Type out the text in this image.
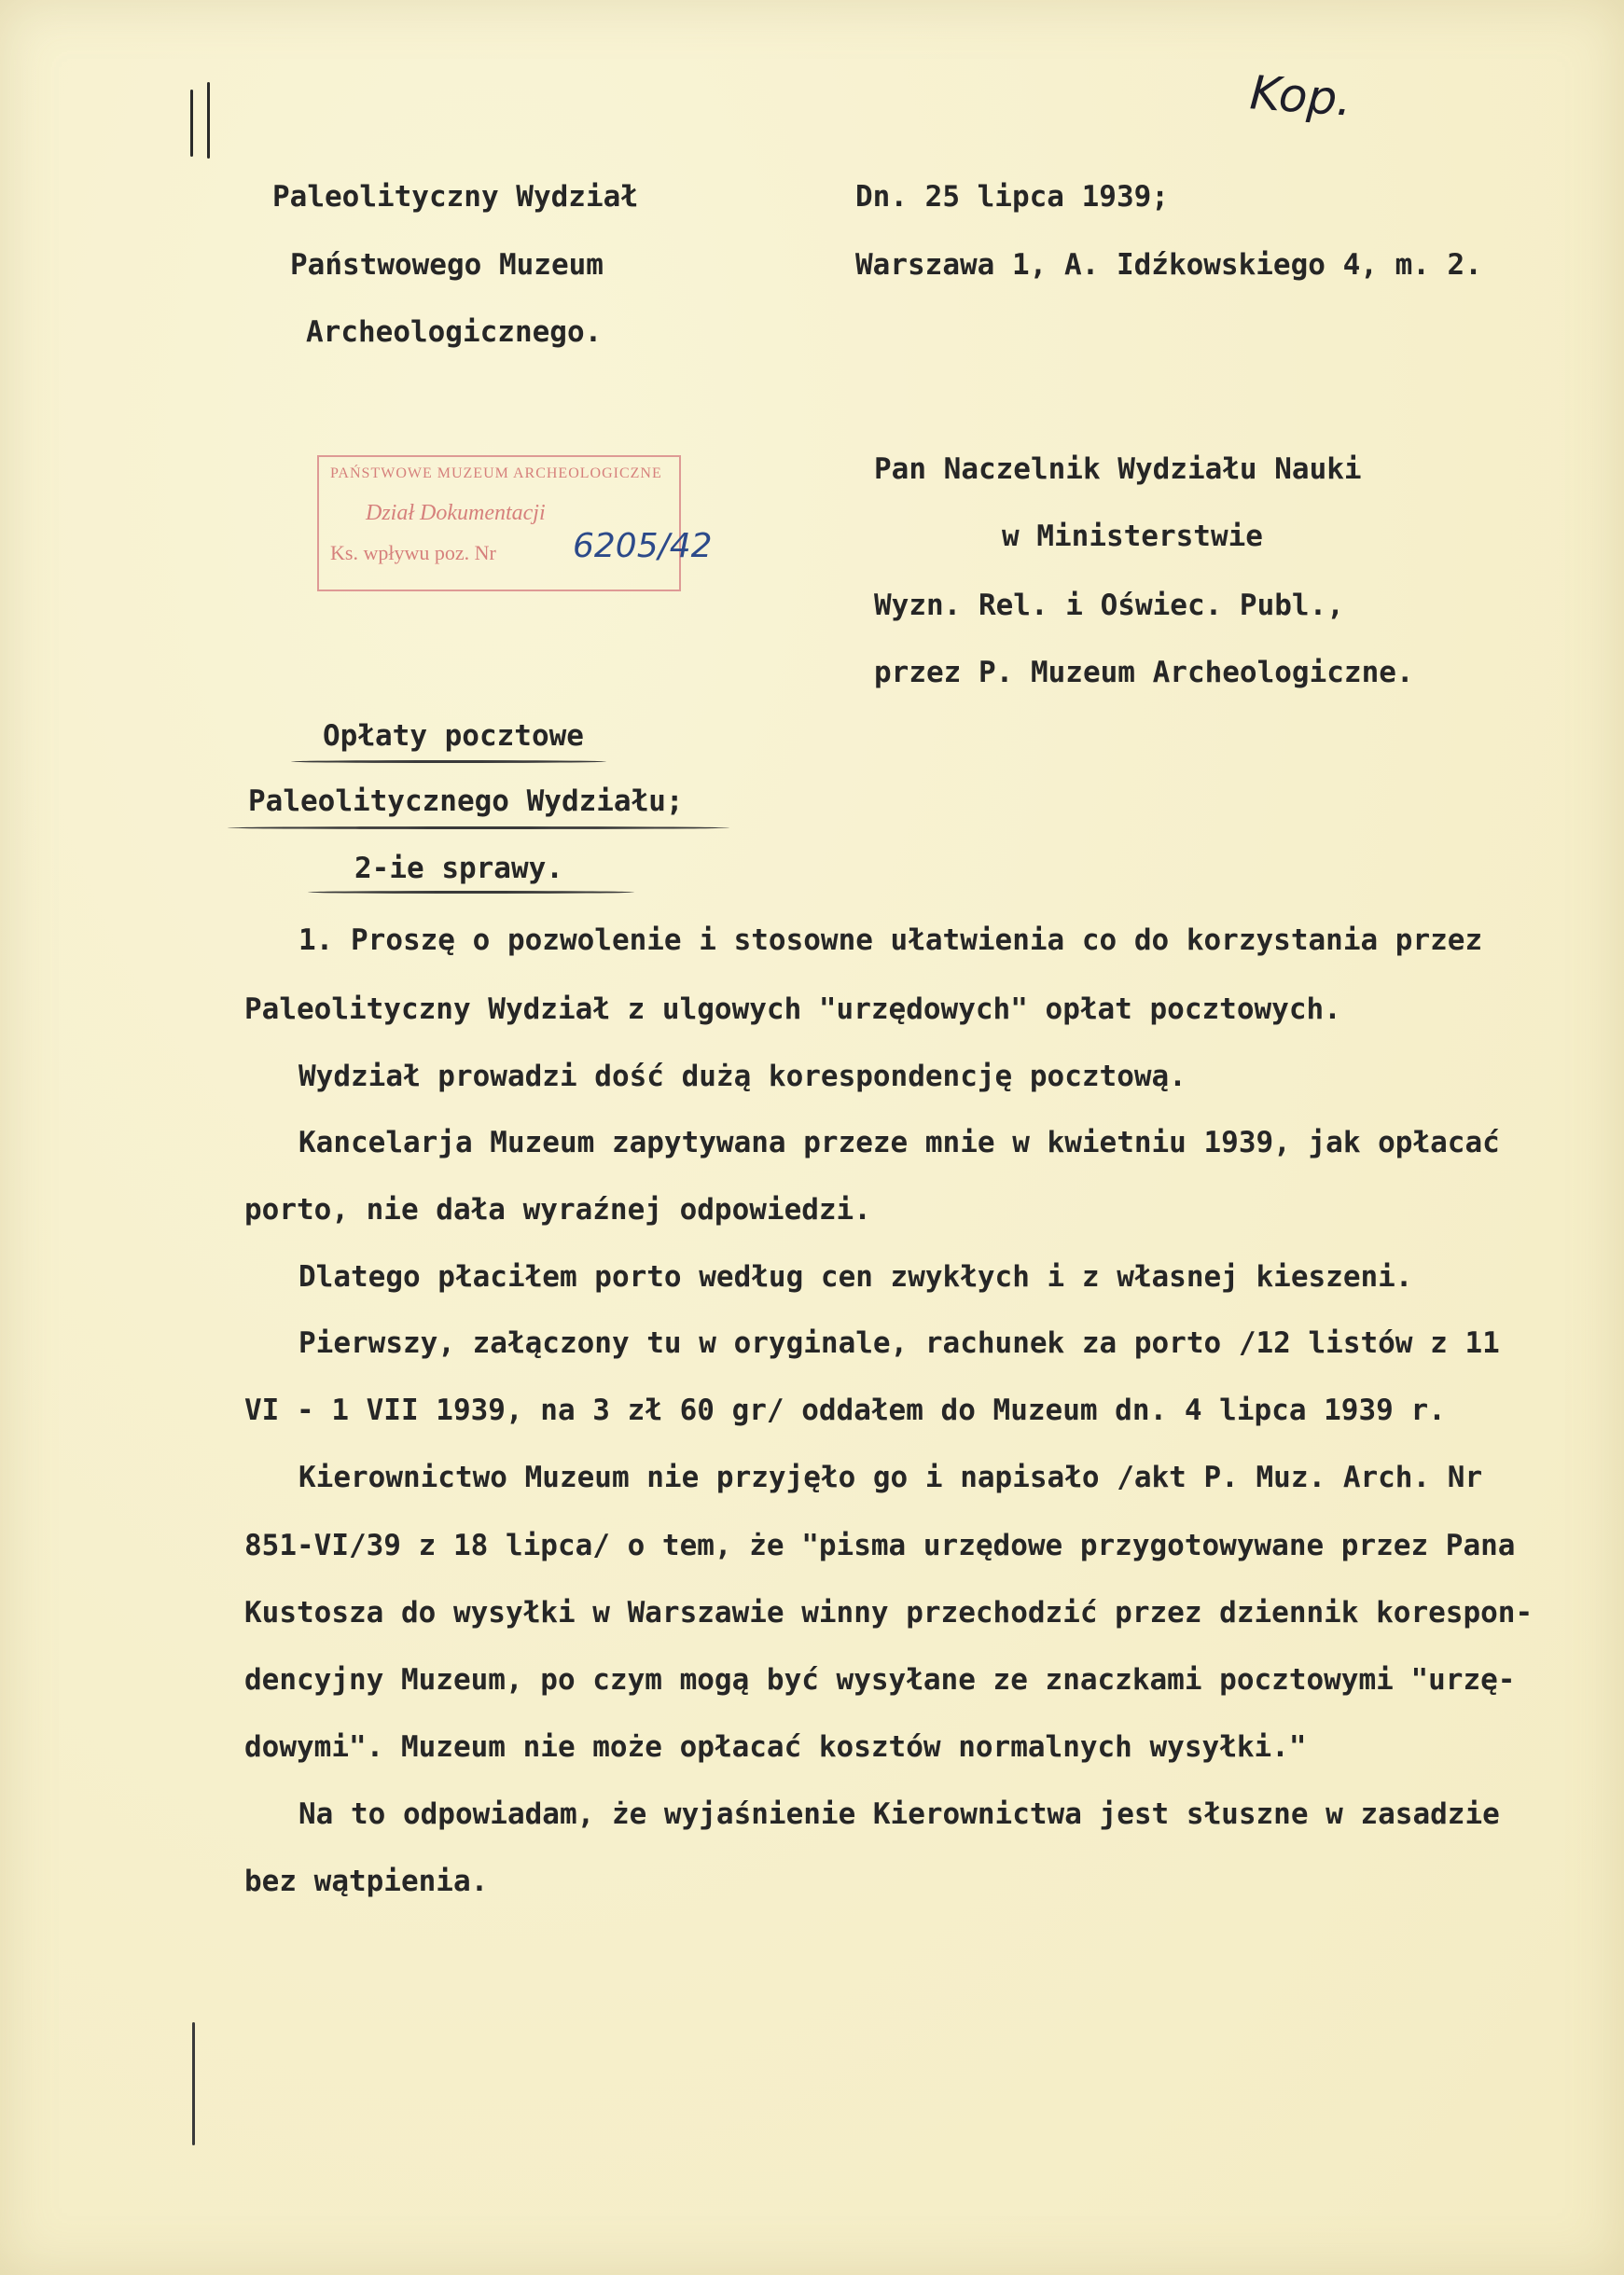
Kop.
Paleolityczny Wydział
Państwowego Muzeum
Archeologicznego.
Dn. 25 lipca 1939;
Warszawa 1, A. Idźkowskiego 4, m. 2.
PAŃSTWOWE MUZEUM ARCHEOLOGICZNE
Dział Dokumentacji
Ks. wpływu poz. Nr 6205/42
Pan Naczelnik Wydziału Nauki
w Ministerstwie
Wyzn. Rel. i Oświec. Publ.,
przez P. Muzeum Archeologiczne.
Opłaty pocztowe
Paleolitycznego Wydziału;
2-ie sprawy.
1. Proszę o pozwolenie i stosowne ułatwienia co do korzystania przez
Paleolityczny Wydział z ulgowych "urzędowych" opłat pocztowych.
Wydział prowadzi dość dużą korespondencję pocztową.
Kancelarja Muzeum zapytywana przeze mnie w kwietniu 1939, jak opłacać
porto, nie dała wyraźnej odpowiedzi.
Dlatego płaciłem porto według cen zwykłych i z własnej kieszeni.
Pierwszy, załączony tu w oryginale, rachunek za porto /12 listów z 11
VI - 1 VII 1939, na 3 zł 60 gr/ oddałem do Muzeum dn. 4 lipca 1939 r.
Kierownictwo Muzeum nie przyjęło go i napisało /akt P. Muz. Arch. Nr
851-VI/39 z 18 lipca/ o tem, że "pisma urzędowe przygotowywane przez Pana
Kustosza do wysyłki w Warszawie winny przechodzić przez dziennik korespon-
dencyjny Muzeum, po czym mogą być wysyłane ze znaczkami pocztowymi "urzę-
dowymi". Muzeum nie może opłacać kosztów normalnych wysyłki."
Na to odpowiadam, że wyjaśnienie Kierownictwa jest słuszne w zasadzie
bez wątpienia.
